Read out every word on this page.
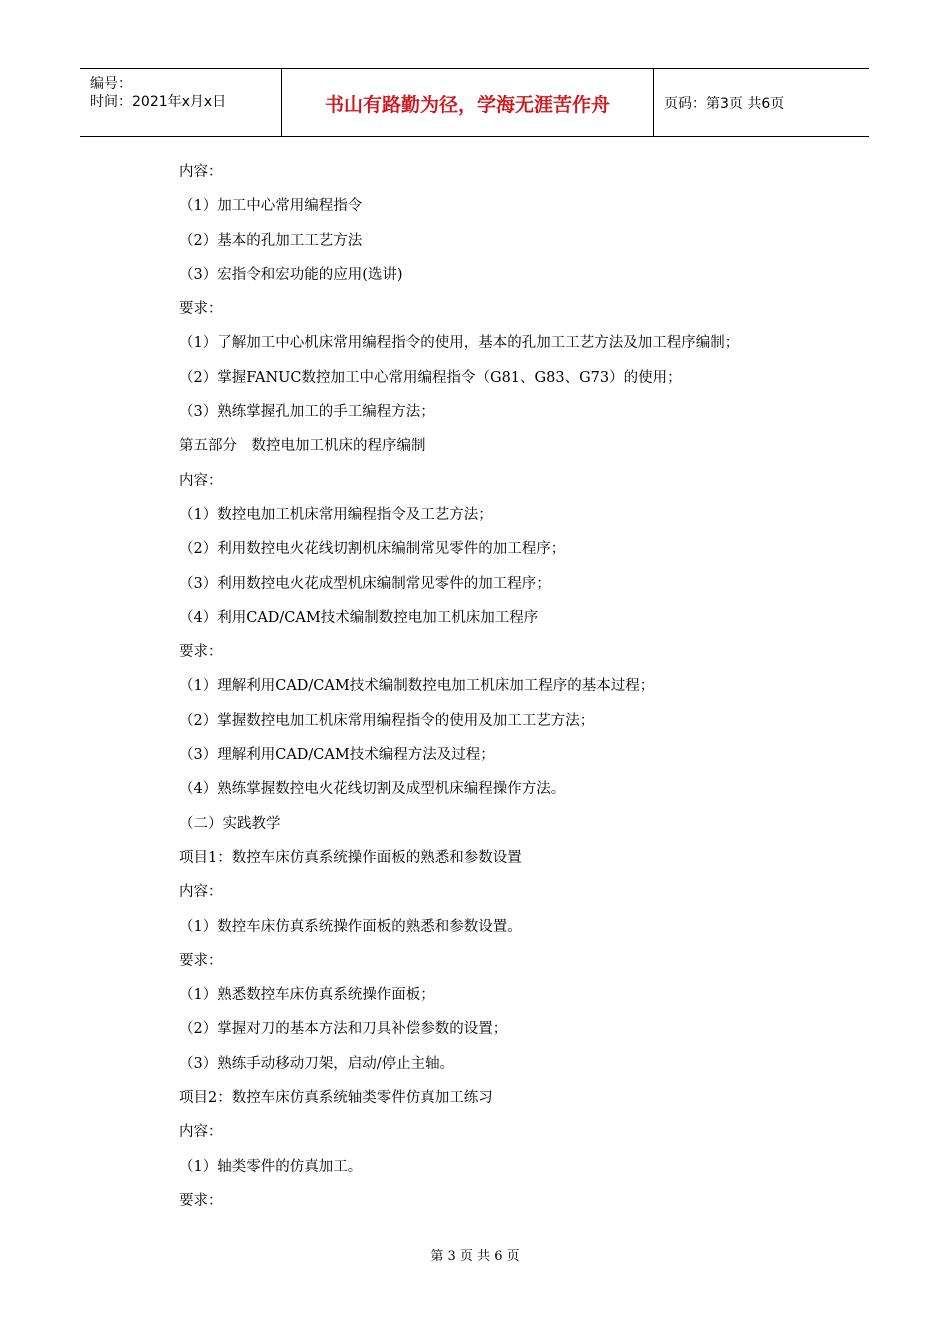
编号：
时间：2021年x月x日	书山有路勤为径，学海无涯苦作舟	页码：第3页 共6页
内容：
（1）加工中心常用编程指令
（2）基本的孔加工工艺方法
（3）宏指令和宏功能的应用(选讲)
要求：
（1）了解加工中心机床常用编程指令的使用，基本的孔加工工艺方法及加工程序编制；
（2）掌握FANUC数控加工中心常用编程指令（G81、G83、G73）的使用；
（3）熟练掌握孔加工的手工编程方法；
第五部分　数控电加工机床的程序编制
内容：
（1）数控电加工机床常用编程指令及工艺方法；
（2）利用数控电火花线切割机床编制常见零件的加工程序；
（3）利用数控电火花成型机床编制常见零件的加工程序；
（4）利用CAD/CAM技术编制数控电加工机床加工程序
要求：
（1）理解利用CAD/CAM技术编制数控电加工机床加工程序的基本过程；
（2）掌握数控电加工机床常用编程指令的使用及加工工艺方法；
（3）理解利用CAD/CAM技术编程方法及过程；
（4）熟练掌握数控电火花线切割及成型机床编程操作方法。
（二）实践教学
项目1：数控车床仿真系统操作面板的熟悉和参数设置
内容：
（1）数控车床仿真系统操作面板的熟悉和参数设置。
要求：
（1）熟悉数控车床仿真系统操作面板；
（2）掌握对刀的基本方法和刀具补偿参数的设置；
（3）熟练手动移动刀架，启动/停止主轴。
项目2：数控车床仿真系统轴类零件仿真加工练习
内容：
（1）轴类零件的仿真加工。
要求：
第 3 页 共 6 页
